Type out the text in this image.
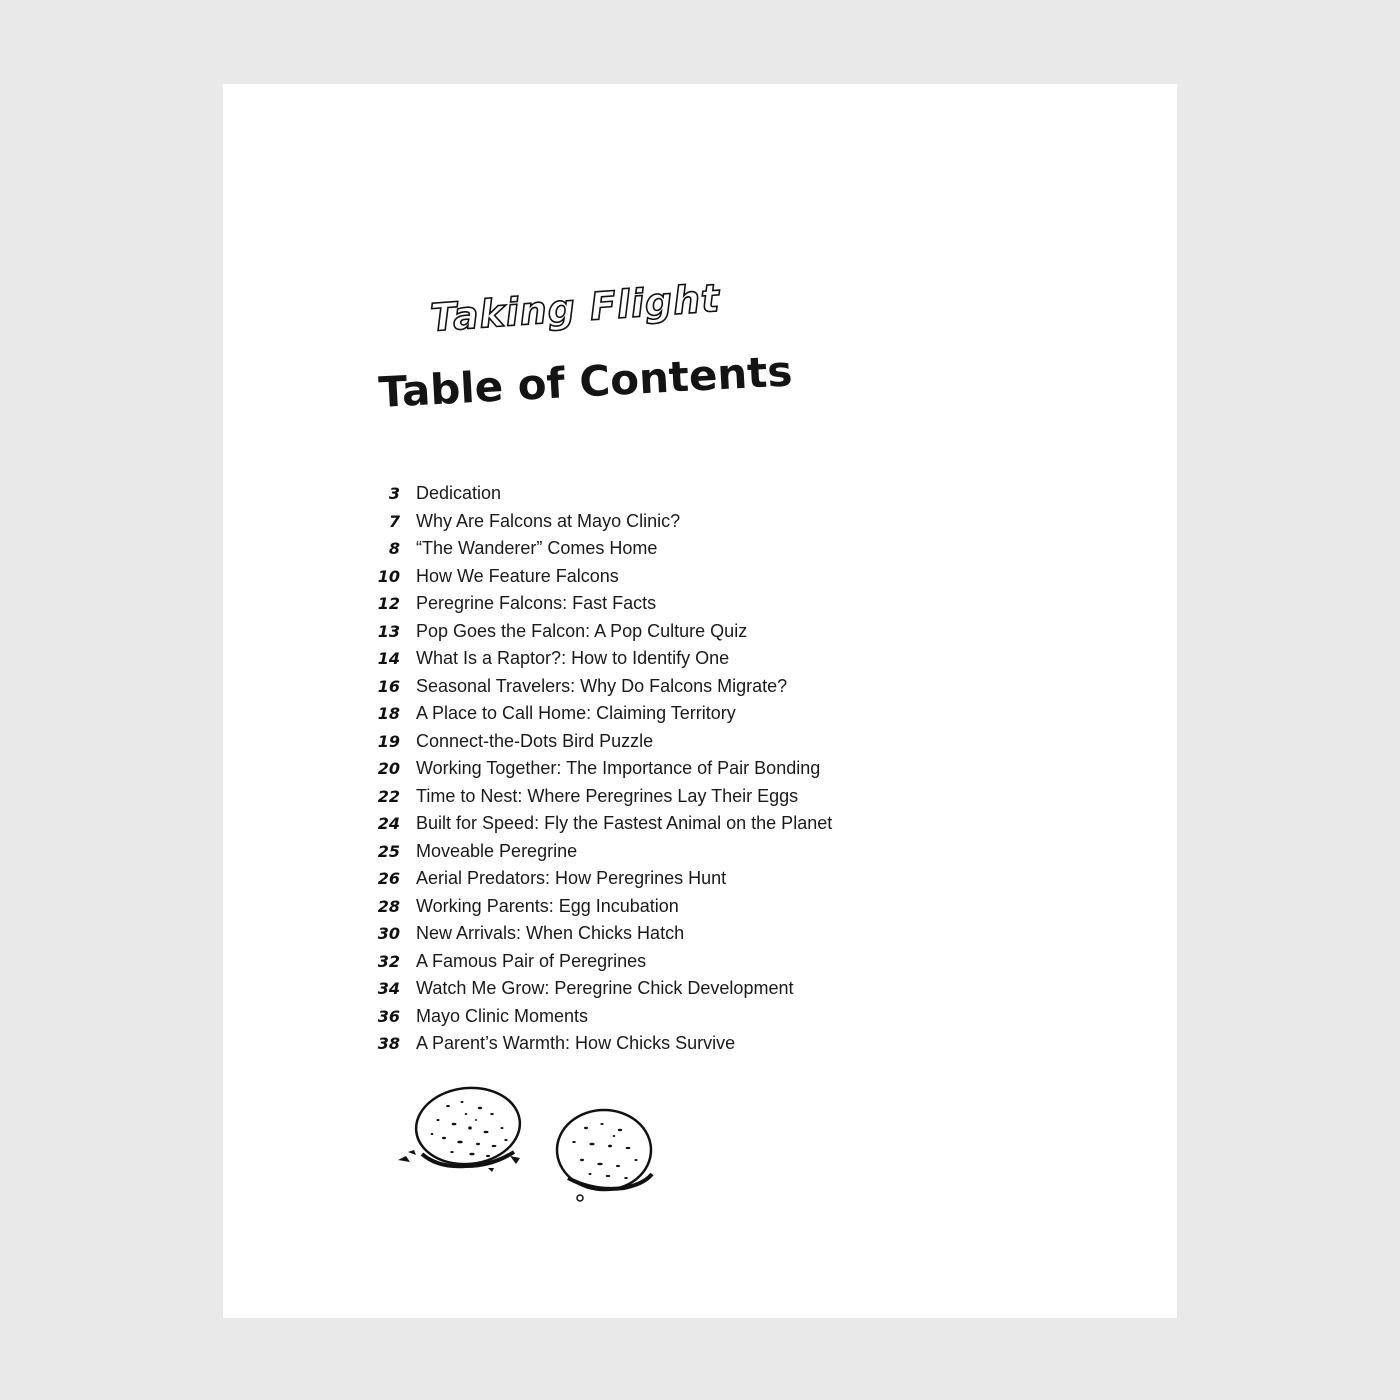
Taking Flight
Table of Contents
3 Dedication
7 Why Are Falcons at Mayo Clinic?
8 “The Wanderer” Comes Home
10 How We Feature Falcons
12 Peregrine Falcons: Fast Facts
13 Pop Goes the Falcon: A Pop Culture Quiz
14 What Is a Raptor?: How to Identify One
16 Seasonal Travelers: Why Do Falcons Migrate?
18 A Place to Call Home: Claiming Territory
19 Connect-the-Dots Bird Puzzle
20 Working Together: The Importance of Pair Bonding
22 Time to Nest: Where Peregrines Lay Their Eggs
24 Built for Speed: Fly the Fastest Animal on the Planet
25 Moveable Peregrine
26 Aerial Predators: How Peregrines Hunt
28 Working Parents: Egg Incubation
30 New Arrivals: When Chicks Hatch
32 A Famous Pair of Peregrines
34 Watch Me Grow: Peregrine Chick Development
36 Mayo Clinic Moments
38 A Parent’s Warmth: How Chicks Survive
